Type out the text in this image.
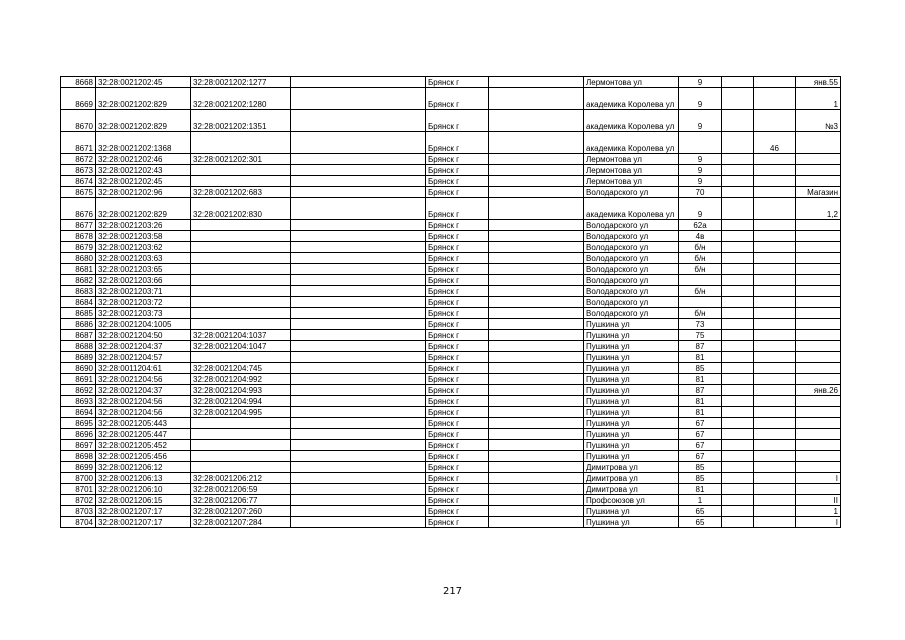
8668	32:28:0021202:45	32:28:0021202:1277		Брянск г		Лермонтова ул	9			янв.55
8669	32:28:0021202:829	32:28:0021202:1280		Брянск г		академика Королева ул	9			1
8670	32:28:0021202:829	32:28:0021202:1351		Брянск г		академика Королева ул	9			№3
8671	32:28:0021202:1368			Брянск г		академика Королева ул			46	
8672	32:28:0021202:46	32:28:0021202:301		Брянск г		Лермонтова ул	9			
8673	32:28:0021202:43			Брянск г		Лермонтова ул	9			
8674	32:28:0021202:45			Брянск г		Лермонтова ул	9			
8675	32:28:0021202:96	32:28:0021202:683		Брянск г		Володарского ул	70			Магазин
8676	32:28:0021202:829	32:28:0021202:830		Брянск г		академика Королева ул	9			1,2
8677	32:28:0021203:26			Брянск г		Володарского ул	62а			
8678	32:28:0021203:58			Брянск г		Володарского ул	4в			
8679	32:28:0021203:62			Брянск г		Володарского ул	б/н			
8680	32:28:0021203:63			Брянск г		Володарского ул	б/н			
8681	32:28:0021203:65			Брянск г		Володарского ул	б/н			
8682	32:28:0021203:66			Брянск г		Володарского ул				
8683	32:28:0021203:71			Брянск г		Володарского ул	б/н			
8684	32:28:0021203:72			Брянск г		Володарского ул				
8685	32:28:0021203:73			Брянск г		Володарского ул	б/н			
8686	32:28:0021204:1005			Брянск г		Пушкина ул	73			
8687	32:28:0021204:50	32:28:0021204:1037		Брянск г		Пушкина ул	75			
8688	32:28:0021204:37	32:28:0021204:1047		Брянск г		Пушкина ул	87			
8689	32:28:0021204:57			Брянск г		Пушкина ул	81			
8690	32:28:0011204:61	32:28:0021204:745		Брянск г		Пушкина ул	85			
8691	32:28:0021204:56	32:28:0021204:992		Брянск г		Пушкина ул	81			
8692	32:28:0021204:37	32:28:0021204:993		Брянск г		Пушкина ул	87			янв.26
8693	32:28:0021204:56	32:28:0021204:994		Брянск г		Пушкина ул	81			
8694	32:28:0021204:56	32:28:0021204:995		Брянск г		Пушкина ул	81			
8695	32:28:0021205:443			Брянск г		Пушкина ул	67			
8696	32:28:0021205:447			Брянск г		Пушкина ул	67			
8697	32:28:0021205:452			Брянск г		Пушкина ул	67			
8698	32:28:0021205:456			Брянск г		Пушкина ул	67			
8699	32:28:0021206:12			Брянск г		Димитрова ул	85			
8700	32:28:0021206:13	32:28:0021206:212		Брянск г		Димитрова ул	85			I
8701	32:28:0021206:10	32:28:0021206:59		Брянск г		Димитрова ул	81			
8702	32:28:0021206:15	32:28:0021206:77		Брянск г		Профсоюзов ул	1			II
8703	32:28:0021207:17	32:28:0021207:260		Брянск г		Пушкина ул	65			1
8704	32:28:0021207:17	32:28:0021207:284		Брянск г		Пушкина ул	65			I
217
